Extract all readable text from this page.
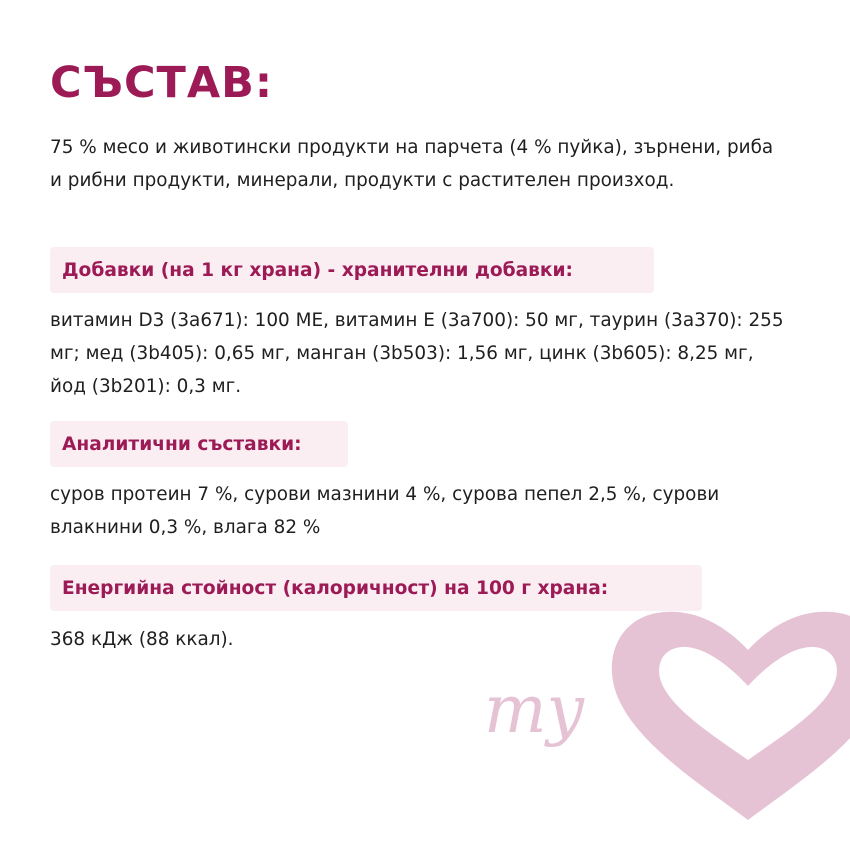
СЪСТАВ:
75 % месо и животински продукти на парчета (4 % пуйка), зърнени, риба и рибни продукти, минерали, продукти с растителен произход.
Добавки (на 1 кг храна) - хранителни добавки:
витамин D3 (3а671): 100 МЕ, витамин Е (3а700): 50 мг, таурин (3а370): 255 мг; мед (3b405): 0,65 мг, манган (3b503): 1,56 мг, цинк (3b605): 8,25 мг, йод (3b201): 0,3 мг.
Аналитични съставки:
суров протеин 7 %, сурови мазнини 4 %, сурова пепел 2,5 %, сурови влакнини 0,3 %, влага 82 %
Енергийна стойност (калоричност) на 100 г храна:
368 кДж (88 ккал).
my
